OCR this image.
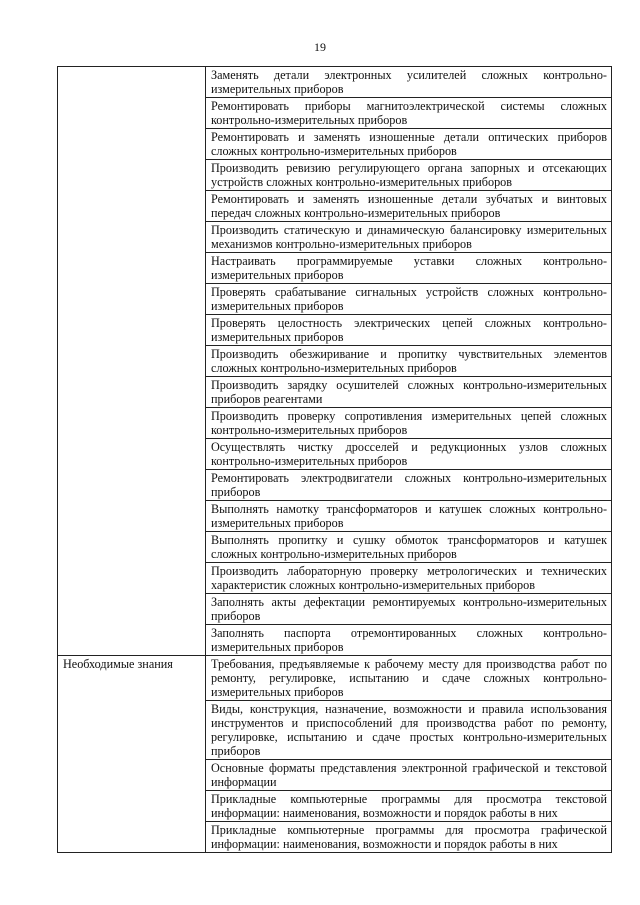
19
	Заменять детали электронных усилителей сложных контрольно-измерительных приборов
	Ремонтировать приборы магнитоэлектрической системы сложных контрольно-измерительных приборов
	Ремонтировать и заменять изношенные детали оптических приборов сложных контрольно-измерительных приборов
	Производить ревизию регулирующего органа запорных и отсекающих устройств сложных контрольно-измерительных приборов
	Ремонтировать и заменять изношенные детали зубчатых и винтовых передач сложных контрольно-измерительных приборов
	Производить статическую и динамическую балансировку измерительных механизмов контрольно-измерительных приборов
	Настраивать программируемые уставки сложных контрольно-измерительных приборов
	Проверять срабатывание сигнальных устройств сложных контрольно-измерительных приборов
	Проверять целостность электрических цепей сложных контрольно-измерительных приборов
	Производить обезжиривание и пропитку чувствительных элементов сложных контрольно-измерительных приборов
	Производить зарядку осушителей сложных контрольно-измерительных приборов реагентами
	Производить проверку сопротивления измерительных цепей сложных контрольно-измерительных приборов
	Осуществлять чистку дросселей и редукционных узлов сложных контрольно-измерительных приборов
	Ремонтировать электродвигатели сложных контрольно-измерительных приборов
	Выполнять намотку трансформаторов и катушек сложных контрольно-измерительных приборов
	Выполнять пропитку и сушку обмоток трансформаторов и катушек сложных контрольно-измерительных приборов
	Производить лабораторную проверку метрологических и технических характеристик сложных контрольно-измерительных приборов
	Заполнять акты дефектации ремонтируемых контрольно-измерительных приборов
	Заполнять паспорта отремонтированных сложных контрольно-измерительных приборов
Необходимые знания	Требования, предъявляемые к рабочему месту для производства работ по ремонту, регулировке, испытанию и сдаче сложных контрольно-измерительных приборов
	Виды, конструкция, назначение, возможности и правила использования инструментов и приспособлений для производства работ по ремонту, регулировке, испытанию и сдаче простых контрольно-измерительных приборов
	Основные форматы представления электронной графической и текстовой информации
	Прикладные компьютерные программы для просмотра текстовой информации: наименования, возможности и порядок работы в них
	Прикладные компьютерные программы для просмотра графической информации: наименования, возможности и порядок работы в них
